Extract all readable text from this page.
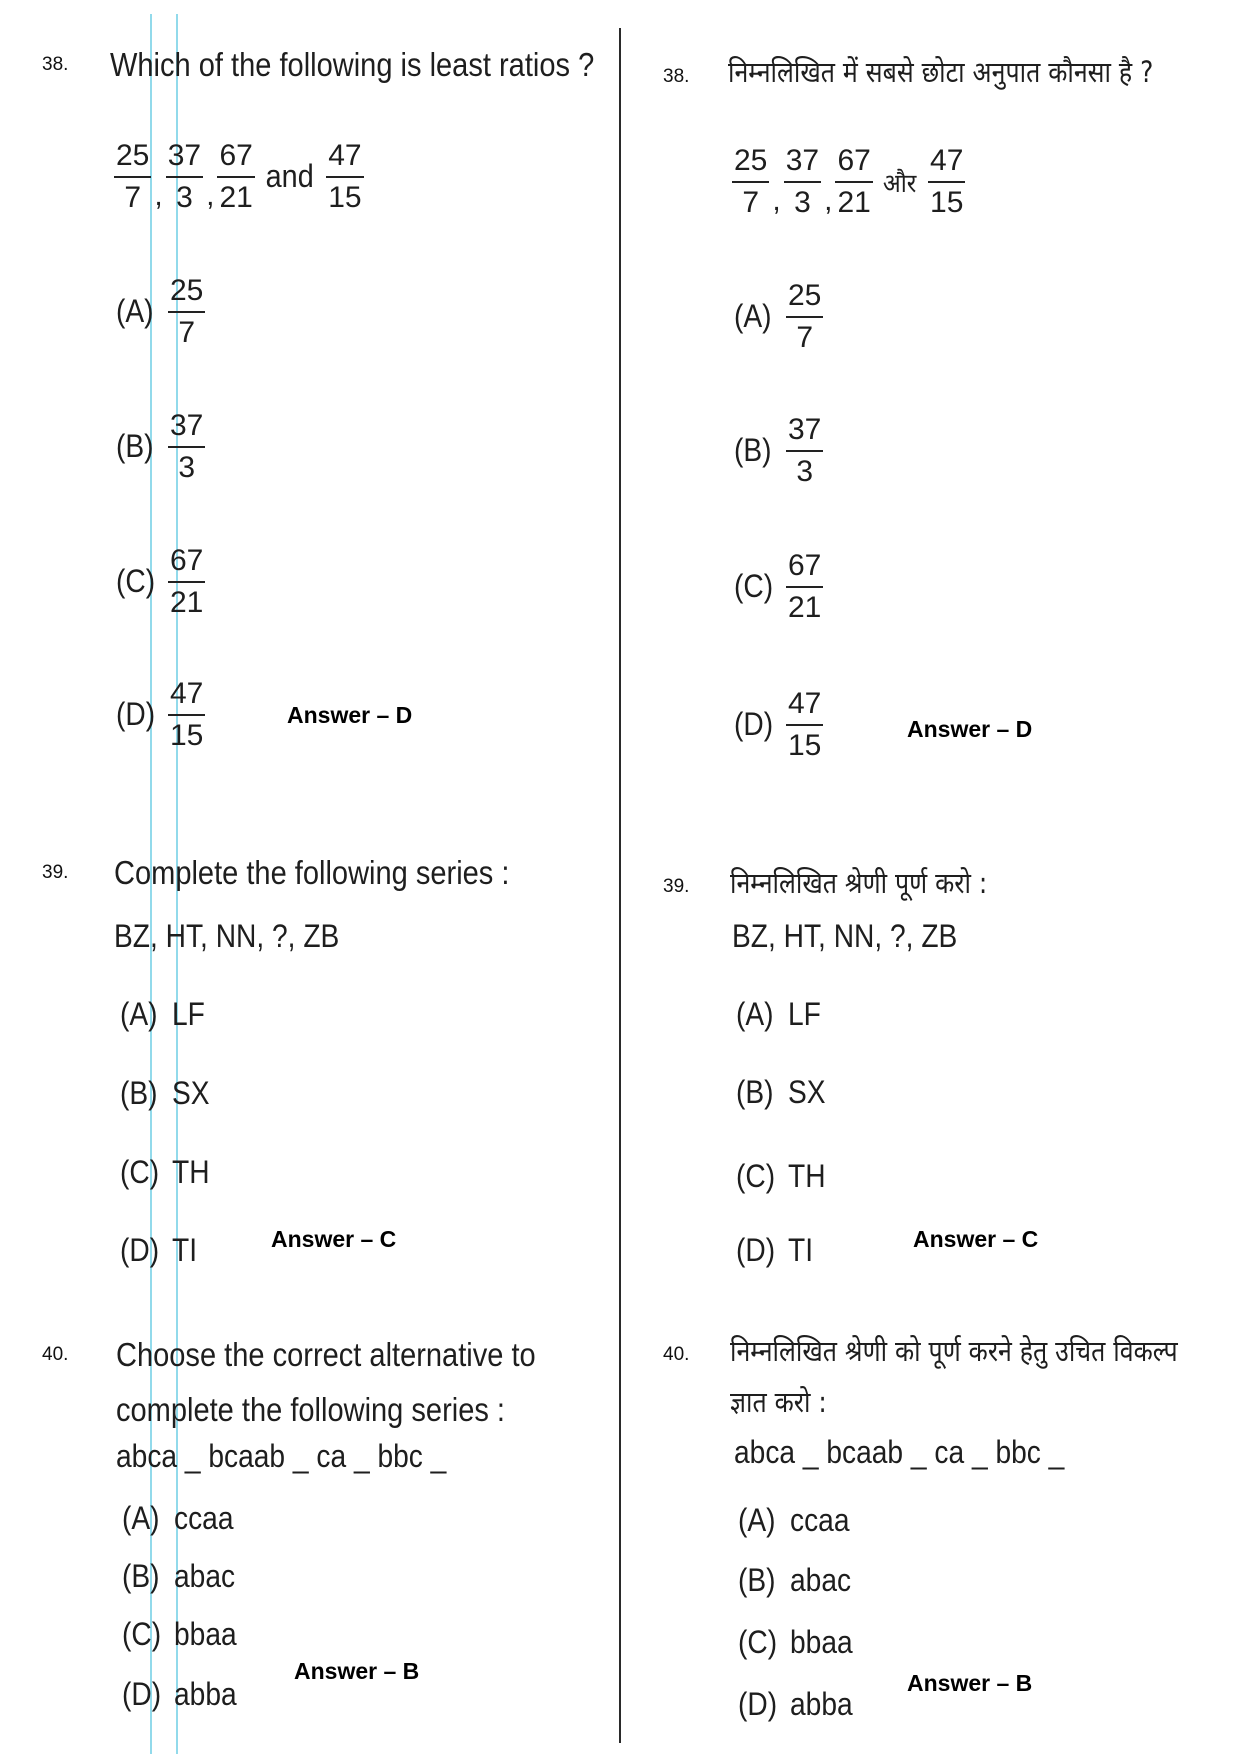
38. Which of the following is least ratios ?
$\frac{25}{7}$ , $\frac{37}{3}$ , $\frac{67}{21}$ and $\frac{47}{15}$
$(A) \frac{25}{7}$
$(B) \frac{37}{3}$
$(C) \frac{67}{21}$
$(D) \frac{47}{15}$	Answer – D
39. Complete the following series :
BZ, HT, NN, ?, ZB
(A) LF
(B) SX
(C) TH
(D) TI	Answer – C
40. Choose the correct alternative to
complete the following series :
abca _ bcaab _ ca _ bbc _
(A) ccaa
(B) abac
(C) bbaa
(D) abba
Answer – B
38. निम्नलिखित में सबसे छोटा अनुपात कौनसा है ?
$\frac{25}{7}$ , $\frac{37}{3}$ , $\frac{67}{21}$ और $\frac{47}{15}$
$(A) \frac{25}{7}$
$(B) \frac{37}{3}$
$(C) \frac{67}{21}$
$(D) \frac{47}{15}$	Answer – D
39. निम्नलिखित श्रेणी पूर्ण करो :
BZ, HT, NN, ?, ZB
(A) LF
(B) SX
(C) TH
(D) TI	Answer – C
40. निम्नलिखित श्रेणी को पूर्ण करने हेतु उचित विकल्प
ज्ञात करो :
abca _ bcaab _ ca _ bbc _
(A) ccaa
(B) abac
(C) bbaa
(D) abba
Answer – B
